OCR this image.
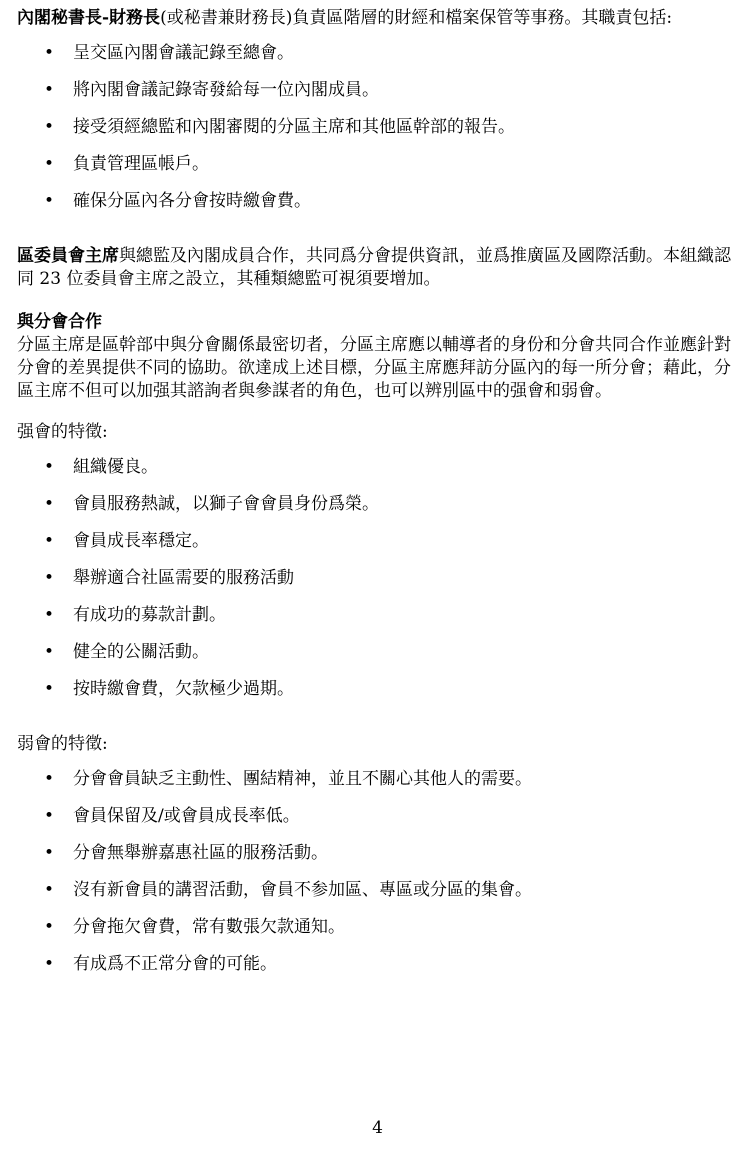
內閣秘書長-財務長(或秘書兼財務長)負責區階層的財經和檔案保管等事務。其職責包括:

• 呈交區內閣會議記錄至總會。
• 將內閣會議記錄寄發給每一位內閣成員。
• 接受須經總監和內閣審閱的分區主席和其他區幹部的報告。
• 負責管理區帳戶。
• 確保分區內各分會按時繳會費。

區委員會主席與總監及內閣成員合作，共同爲分會提供資訊，並爲推廣區及國際活動。本組織認同 23 位委員會主席之設立，其種類總監可視須要增加。

與分會合作

分區主席是區幹部中與分會關係最密切者，分區主席應以輔導者的身份和分會共同合作並應針對分會的差異提供不同的協助。欲達成上述目標，分區主席應拜訪分區內的每一所分會；藉此，分區主席不但可以加强其諮詢者與參謀者的角色，也可以辨別區中的强會和弱會。

强會的特徵:

• 組織優良。
• 會員服務熱誠，以獅子會會員身份爲榮。
• 會員成長率穩定。
• 舉辦適合社區需要的服務活動
• 有成功的募款計劃。
• 健全的公關活動。
• 按時繳會費，欠款極少過期。

弱會的特徵:

• 分會會員缺乏主動性、團結精神，並且不關心其他人的需要。
• 會員保留及/或會員成長率低。
• 分會無舉辦嘉惠社區的服務活動。
• 沒有新會員的講習活動，會員不参加區、專區或分區的集會。
• 分會拖欠會費，常有數張欠款通知。
• 有成爲不正常分會的可能。
4
